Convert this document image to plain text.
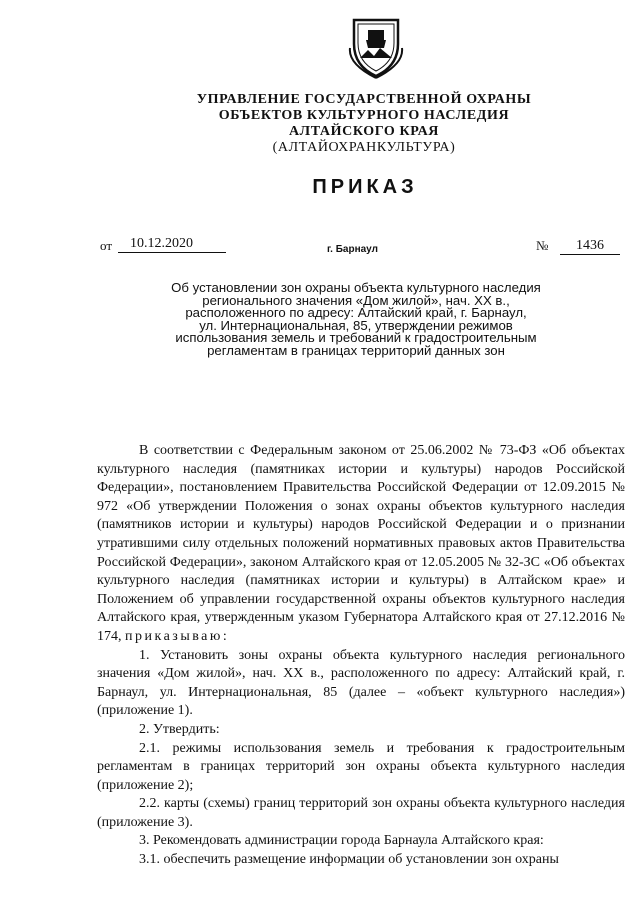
УПРАВЛЕНИЕ ГОСУДАРСТВЕННОЙ ОХРАНЫ
ОБЪЕКТОВ КУЛЬТУРНОГО НАСЛЕДИЯ
АЛТАЙСКОГО КРАЯ
(АЛТАЙОХРАНКУЛЬТУРА)
ПРИКАЗ
от	10.12.2020	г. Барнаул	№	1436
Об установлении зон охраны объекта культурного наследия
регионального значения «Дом жилой», нач. XX в.,
расположенного по адресу: Алтайский край, г. Барнаул,
ул. Интернациональная, 85, утверждении режимов
использования земель и требований к градостроительным
регламентам в границах территорий данных зон

В соответствии с Федеральным законом от 25.06.2002 № 73-ФЗ «Об объектах культурного наследия (памятниках истории и культуры) народов Российской Федерации», постановлением Правительства Российской Федерации от 12.09.2015 № 972 «Об утверждении Положения о зонах охраны объектов культурного наследия (памятников истории и культуры) народов Российской Федерации и о признании утратившими силу отдельных положений нормативных правовых актов Правительства Российской Федерации», законом Алтайского края от 12.05.2005 № 32-ЗС «Об объектах культурного наследия (памятниках истории и культуры) в Алтайском крае» и Положением об управлении государственной охраны объектов культурного наследия Алтайского края, утвержденным указом Губернатора Алтайского края от 27.12.2016 № 174, приказываю:

1. Установить зоны охраны объекта культурного наследия регионального значения «Дом жилой», нач. XX в., расположенного по адресу: Алтайский край, г. Барнаул, ул. Интернациональная, 85 (далее – «объект культурного наследия») (приложение 1).

2. Утвердить:

2.1. режимы использования земель и требования к градостроительным регламентам в границах территорий зон охраны объекта культурного наследия (приложение 2);

2.2. карты (схемы) границ территорий зон охраны объекта культурного наследия (приложение 3).

3. Рекомендовать администрации города Барнаула Алтайского края:

3.1. обеспечить размещение информации об установлении зон охраны
